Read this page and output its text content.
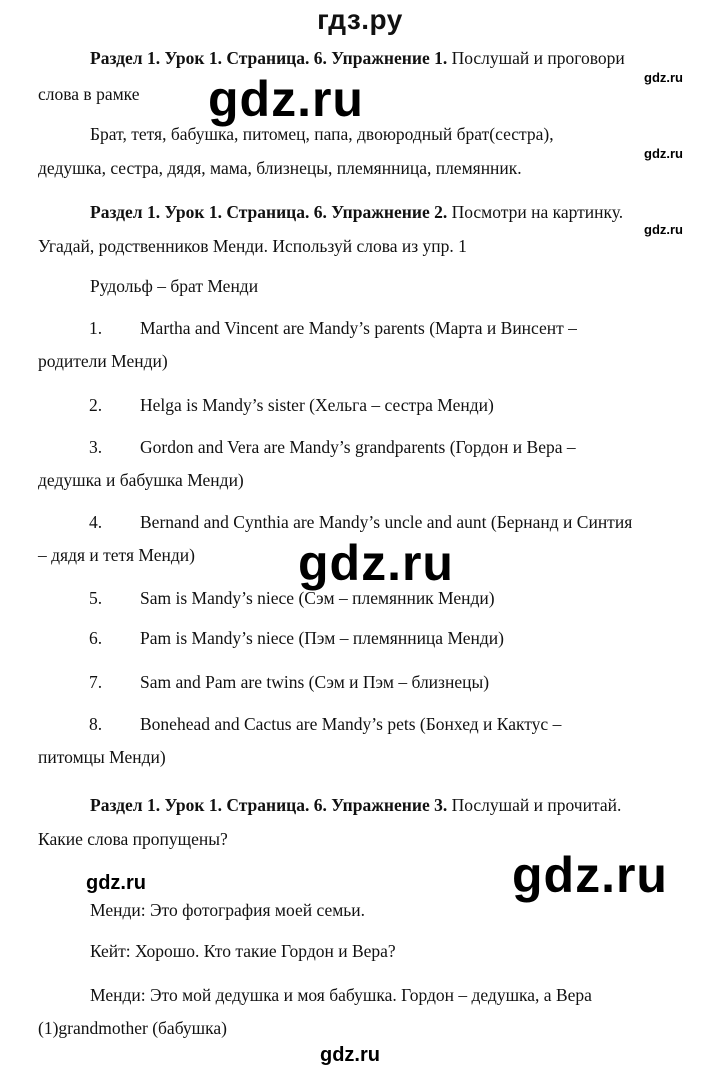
гдз.ру
Раздел 1. Урок 1. Страница. 6. Упражнение 1. Послушай и проговори
gdz.ru
слова в рамке gdz.ru
Брат, тетя, бабушка, питомец, папа, двоюродный брат(сестра),
gdz.ru
дедушка, сестра, дядя, мама, близнецы, племянница, племянник.
Раздел 1. Урок 1. Страница. 6. Упражнение 2. Посмотри на картинку.
gdz.ru
Угадай, родственников Менди. Используй слова из упр. 1
Рудольф – брат Менди
1. Martha and Vincent are Mandy’s parents (Марта и Винсент –
родители Менди)
2. Helga is Mandy’s sister (Хельга – сестра Менди)
3. Gordon and Vera are Mandy’s grandparents (Гордон и Вера –
дедушка и бабушка Менди)
4. Bernand and Cynthia are Mandy’s uncle and aunt (Бернанд и Синтия
– дядя и тетя Менди) gdz.ru
5. Sam is Mandy’s niece (Сэм – племянник Менди)
6. Pam is Mandy’s niece (Пэм – племянница Менди)
7. Sam and Pam are twins (Сэм и Пэм – близнецы)
8. Bonehead and Cactus are Mandy’s pets (Бонхед и Кактус –
питомцы Менди)
Раздел 1. Урок 1. Страница. 6. Упражнение 3. Послушай и прочитай.
Какие слова пропущены?
gdz.ru
gdz.ru
Менди: Это фотография моей семьи.
Кейт: Хорошо. Кто такие Гордон и Вера?
Менди: Это мой дедушка и моя бабушка. Гордон – дедушка, а Вера
(1)grandmother (бабушка)
gdz.ru
